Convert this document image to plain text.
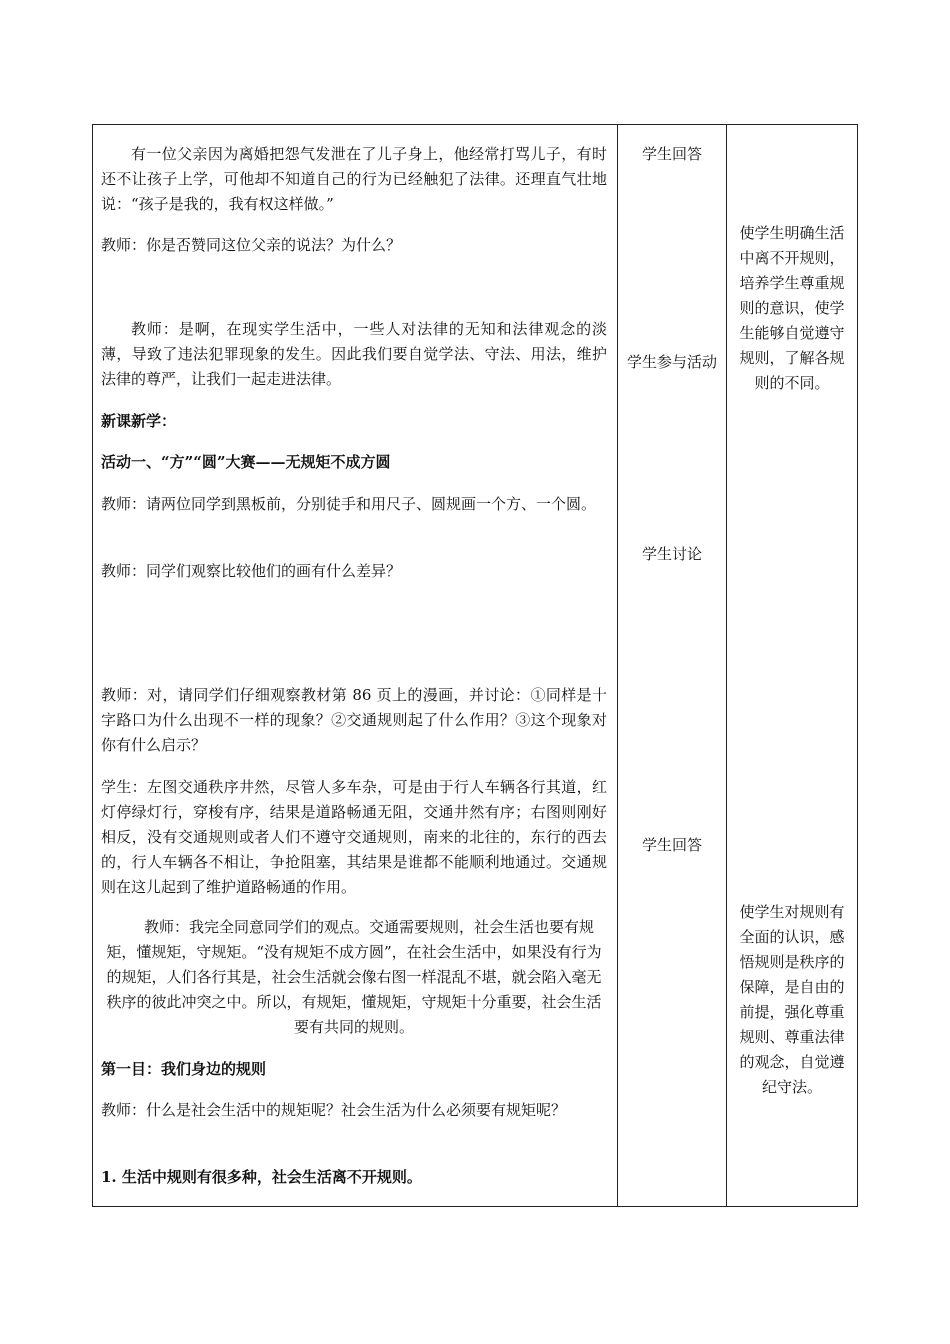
有一位父亲因为离婚把怨气发泄在了儿子身上，他经常打骂儿子，有时还不让孩子上学，可他却不知道自己的行为已经触犯了法律。还理直气壮地说：“孩子是我的，我有权这样做。”

教师：你是否赞同这位父亲的说法？为什么？

教师：是啊，在现实学生活中，一些人对法律的无知和法律观念的淡薄，导致了违法犯罪现象的发生。因此我们要自觉学法、守法、用法，维护法律的尊严，让我们一起走进法律。

新课新学：

活动一、“方”“圆”大赛——无规矩不成方圆

教师：请两位同学到黑板前，分别徒手和用尺子、圆规画一个方、一个圆。

教师：同学们观察比较他们的画有什么差异？

教师：对，请同学们仔细观察教材第 86 页上的漫画，并讨论：①同样是十字路口为什么出现不一样的现象？②交通规则起了什么作用？③这个现象对你有什么启示？

学生：左图交通秩序井然，尽管人多车杂，可是由于行人车辆各行其道，红灯停绿灯行，穿梭有序，结果是道路畅通无阻，交通井然有序；右图则刚好相反，没有交通规则或者人们不遵守交通规则，南来的北往的，东行的西去的，行人车辆各不相让，争抢阻塞，其结果是谁都不能顺利地通过。交通规则在这儿起到了维护道路畅通的作用。

教师：我完全同意同学们的观点。交通需要规则，社会生活也要有规矩，懂规矩，守规矩。“没有规矩不成方圆”，在社会生活中，如果没有行为的规矩，人们各行其是，社会生活就会像右图一样混乱不堪，就会陷入毫无秩序的彼此冲突之中。所以，有规矩，懂规矩，守规矩十分重要，社会生活要有共同的规则。

第一目：我们身边的规则

教师：什么是社会生活中的规矩呢？社会生活为什么必须要有规矩呢？

1. 生活中规则有很多种，社会生活离不开规则。

学生回答
学生参与活动
学生讨论
学生回答
使学生明确生活中离不开规则，培养学生尊重规则的意识，使学生能够自觉遵守规则，了解各规则的不同。
使学生对规则有全面的认识，感悟规则是秩序的保障，是自由的前提，强化尊重规则、尊重法律的观念，自觉遵纪守法。
